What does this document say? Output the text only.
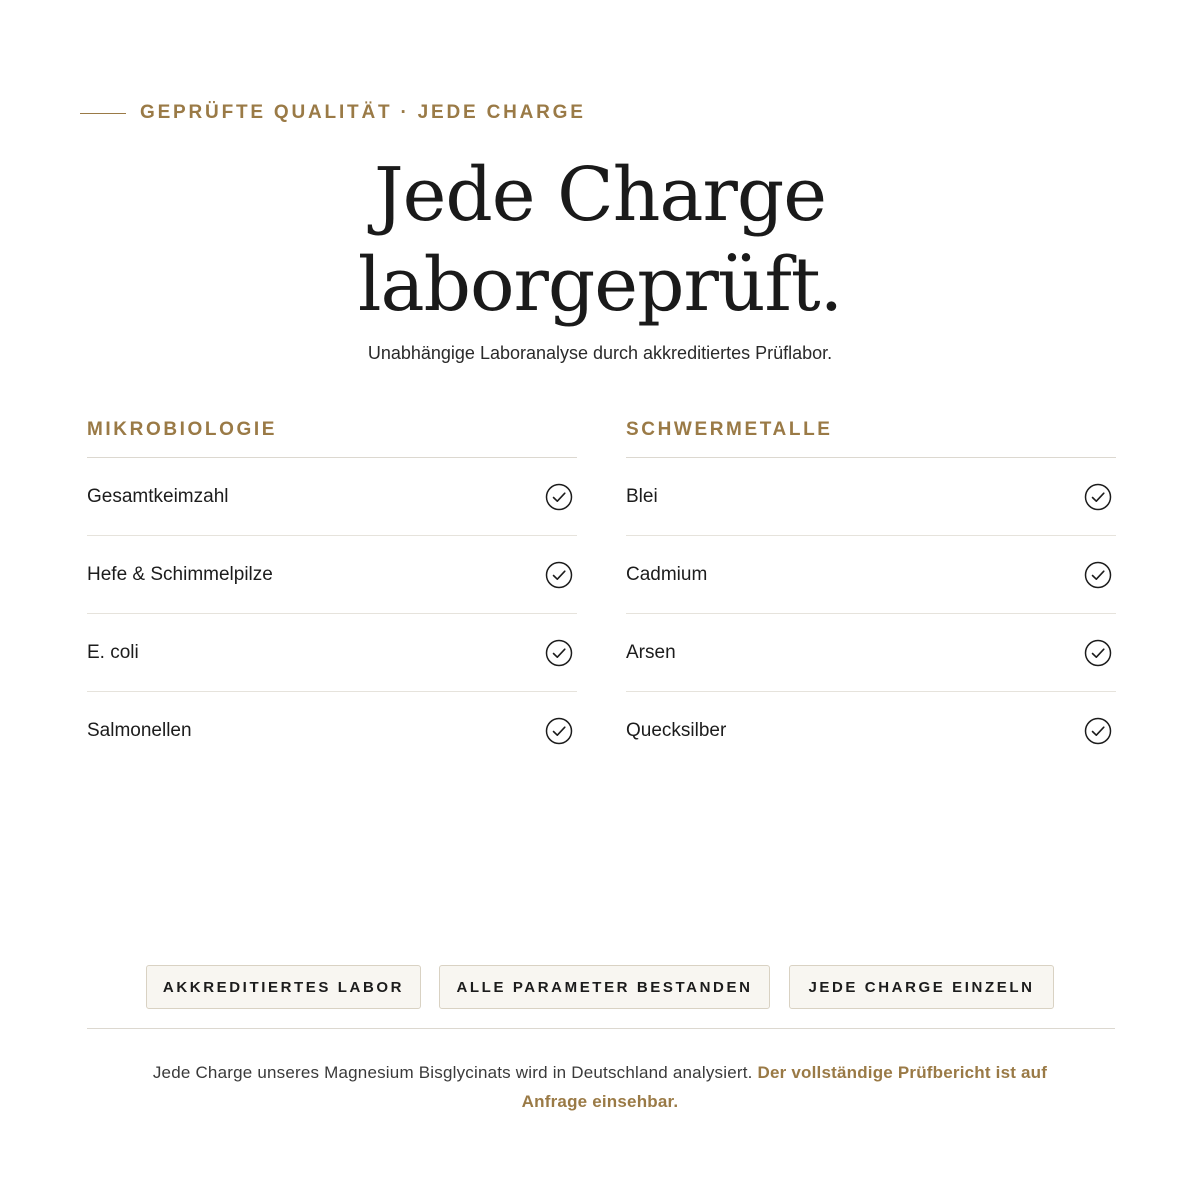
GEPRÜFTE QUALITÄT · JEDE CHARGE
Jede Charge
laborgeprüft.

Unabhängige Laboranalyse durch akkreditiertes Prüflabor.

MIKROBIOLOGIE
Gesamtkeimzahl
Hefe & Schimmelpilze
E. coli
Salmonellen
SCHWERMETALLE
Blei
Cadmium
Arsen
Quecksilber
AKKREDITIERTES LABOR	ALLE PARAMETER BESTANDEN	JEDE CHARGE EINZELN

Jede Charge unseres Magnesium Bisglycinats wird in Deutschland analysiert. Der vollständige Prüfbericht ist auf Anfrage einsehbar.
